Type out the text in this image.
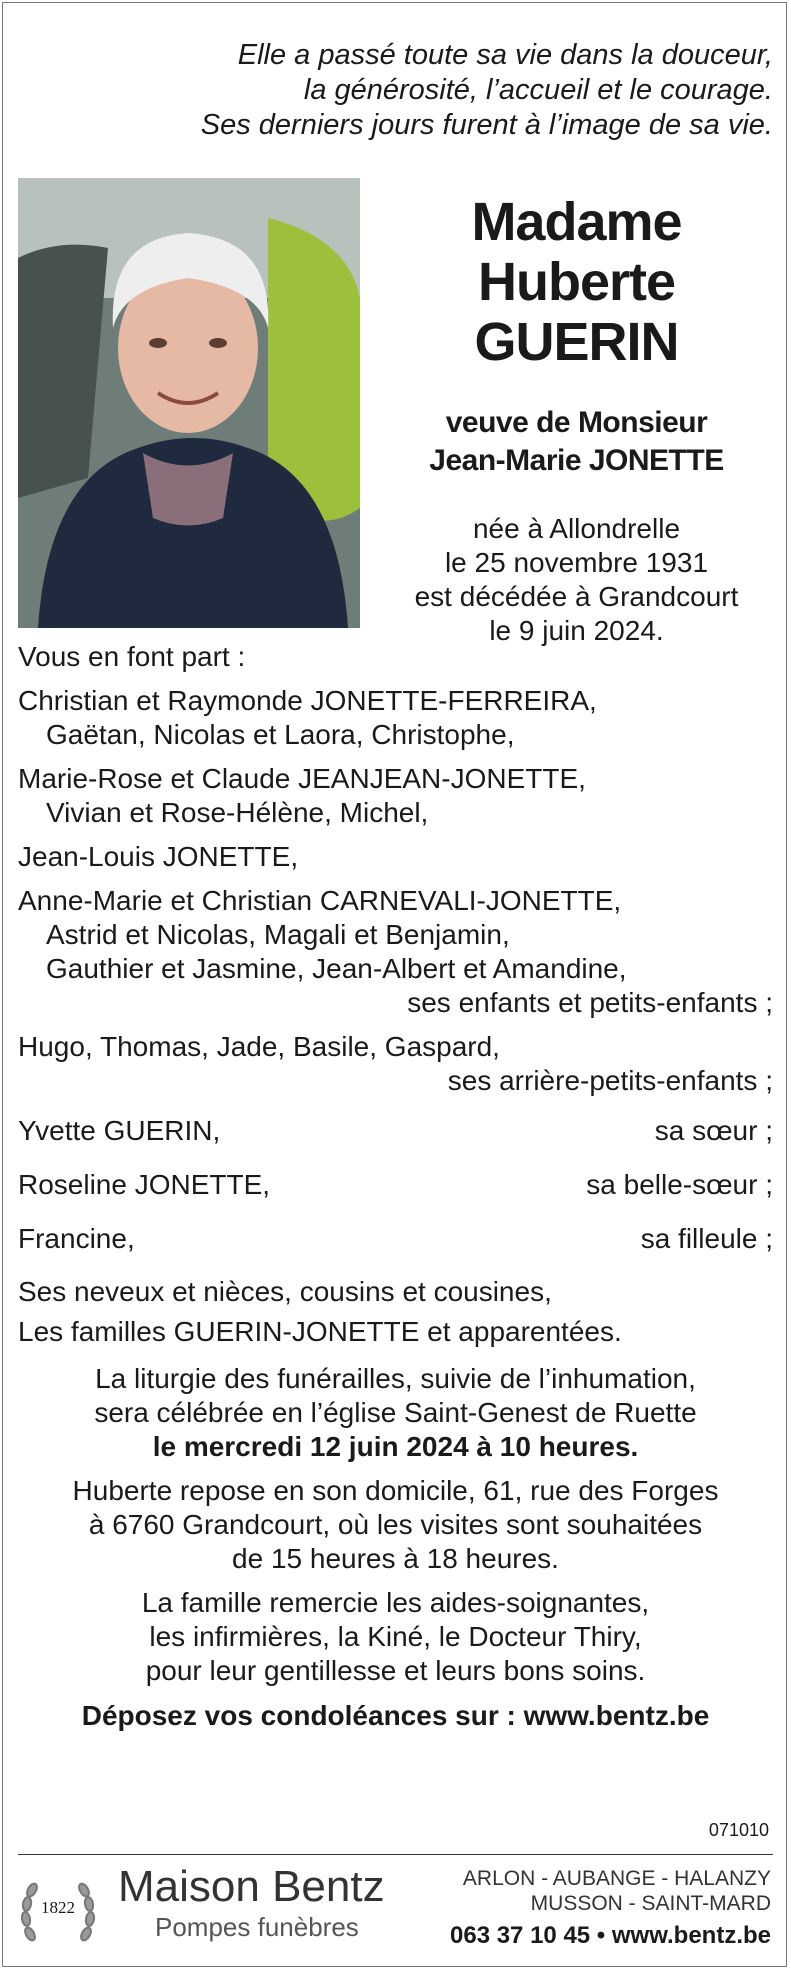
Elle a passé toute sa vie dans la douceur,
la générosité, l’accueil et le courage.
Ses derniers jours furent à l’image de sa vie.
Madame
Huberte GUERIN
veuve de Monsieur
Jean-Marie JONETTE
née à Allondrelle
le 25 novembre 1931
est décédée à Grandcourt
le 9 juin 2024.
Vous en font part :
Christian et Raymonde JONETTE-FERREIRA,
Gaëtan, Nicolas et Laora, Christophe,
Marie-Rose et Claude JEANJEAN-JONETTE,
Vivian et Rose-Hélène, Michel,
Jean-Louis JONETTE,
Anne-Marie et Christian CARNEVALI-JONETTE,
Astrid et Nicolas, Magali et Benjamin,
Gauthier et Jasmine, Jean-Albert et Amandine,
ses enfants et petits-enfants ;
Hugo, Thomas, Jade, Basile, Gaspard,
ses arrière-petits-enfants ;
Yvette GUERIN,	sa sœur ;
Roseline JONETTE,	sa belle-sœur ;
Francine,	sa filleule ;
Ses neveux et nièces, cousins et cousines,
Les familles GUERIN-JONETTE et apparentées.
La liturgie des funérailles, suivie de l’inhumation,
sera célébrée en l’église Saint-Genest de Ruette
le mercredi 12 juin 2024 à 10 heures.
Huberte repose en son domicile, 61, rue des Forges
à 6760 Grandcourt, où les visites sont souhaitées
de 15 heures à 18 heures.
La famille remercie les aides-soignantes,
les infirmières, la Kiné, le Docteur Thiry,
pour leur gentillesse et leurs bons soins.
Déposez vos condoléances sur : www.bentz.be
071010
1822 Maison Bentz
Pompes funèbres
ARLON - AUBANGE - HALANZY
MUSSON - SAINT-MARD
063 37 10 45 • www.bentz.be
